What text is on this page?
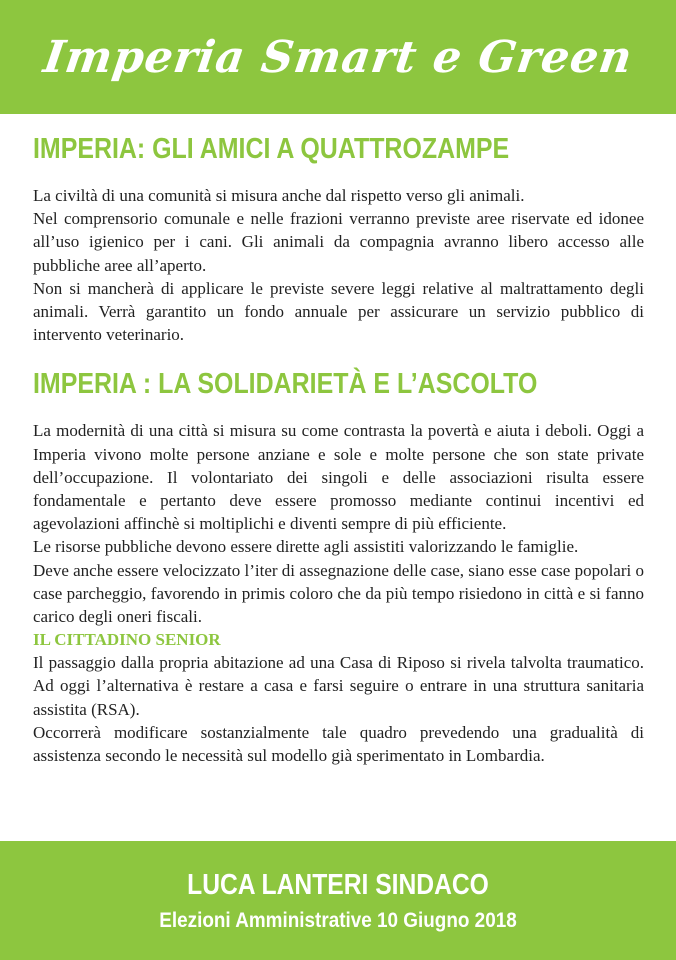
Imperia Smart e Green
IMPERIA: GLI AMICI A QUATTROZAMPE

La civiltà di una comunità si misura anche dal rispetto verso gli animali.

Nel comprensorio comunale e nelle frazioni verranno previste aree riservate ed idonee all’uso igienico per i cani. Gli animali da compagnia avranno libero accesso alle pubbliche aree all’aperto.

Non si mancherà di applicare le previste severe leggi relative al maltrattamento degli animali. Verrà garantito un fondo annuale per assicurare un servizio pubblico di intervento veterinario.

IMPERIA : LA SOLIDARIETÀ E L’ASCOLTO

La modernità di una città si misura su come contrasta la povertà e aiuta i deboli. Oggi a Imperia vivono molte persone anziane e sole e molte persone che son state private dell’occupazione. Il volontariato dei singoli e delle associazioni risulta essere fondamentale e pertanto deve essere promosso mediante continui incentivi ed agevolazioni affinchè si moltiplichi e diventi sempre di più efficiente.

Le risorse pubbliche devono essere dirette agli assistiti valorizzando le famiglie.

Deve anche essere velocizzato l’iter di assegnazione delle case, siano esse case popolari o case parcheggio, favorendo in primis coloro che da più tempo risiedono in città e si fanno carico degli oneri fiscali.

IL CITTADINO SENIOR

Il passaggio dalla propria abitazione ad una Casa di Riposo si rivela talvolta traumatico. Ad oggi l’alternativa è restare a casa e farsi seguire o entrare in una struttura sanitaria assistita (RSA).

Occorrerà modificare sostanzialmente tale quadro prevedendo una gradualità di assistenza secondo le necessità sul modello già sperimentato in Lombardia.

LUCA LANTERI SINDACO
Elezioni Amministrative 10 Giugno 2018
